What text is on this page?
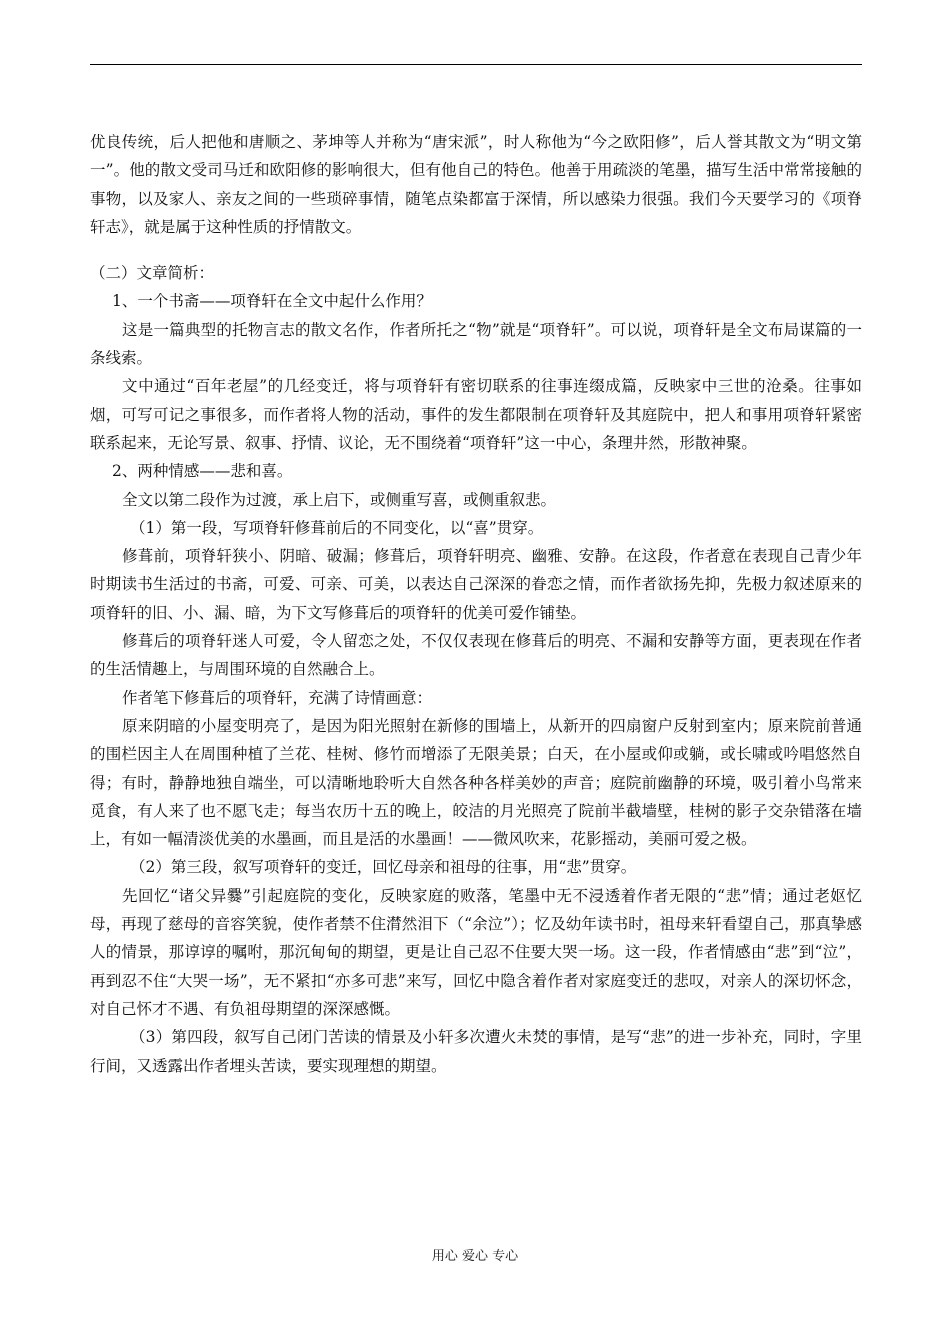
优良传统，后人把他和唐顺之、茅坤等人并称为“唐宋派”，时人称他为“今之欧阳修”，后人誉其散文为“明文第一”。他的散文受司马迁和欧阳修的影响很大，但有他自己的特色。他善于用疏淡的笔墨，描写生活中常常接触的事物，以及家人、亲友之间的一些琐碎事情，随笔点染都富于深情，所以感染力很强。我们今天要学习的《项脊轩志》，就是属于这种性质的抒情散文。

（二）文章简析：

1、一个书斋——项脊轩在全文中起什么作用？

这是一篇典型的托物言志的散文名作，作者所托之“物”就是“项脊轩”。可以说，项脊轩是全文布局谋篇的一条线索。

文中通过“百年老屋”的几经变迁，将与项脊轩有密切联系的往事连缀成篇，反映家中三世的沧桑。往事如烟，可写可记之事很多，而作者将人物的活动，事件的发生都限制在项脊轩及其庭院中，把人和事用项脊轩紧密联系起来，无论写景、叙事、抒情、议论，无不围绕着“项脊轩”这一中心，条理井然，形散神聚。

2、两种情感——悲和喜。

全文以第二段作为过渡，承上启下，或侧重写喜，或侧重叙悲。

（1）第一段，写项脊轩修葺前后的不同变化，以“喜”贯穿。

修葺前，项脊轩狭小、阴暗、破漏；修葺后，项脊轩明亮、幽雅、安静。在这段，作者意在表现自己青少年时期读书生活过的书斋，可爱、可亲、可美，以表达自己深深的眷恋之情，而作者欲扬先抑，先极力叙述原来的项脊轩的旧、小、漏、暗，为下文写修葺后的项脊轩的优美可爱作铺垫。

修葺后的项脊轩迷人可爱，令人留恋之处，不仅仅表现在修葺后的明亮、不漏和安静等方面，更表现在作者的生活情趣上，与周围环境的自然融合上。

作者笔下修葺后的项脊轩，充满了诗情画意：

原来阴暗的小屋变明亮了，是因为阳光照射在新修的围墙上，从新开的四扇窗户反射到室内；原来院前普通的围栏因主人在周围种植了兰花、桂树、修竹而增添了无限美景；白天，在小屋或仰或躺，或长啸或吟唱悠然自得；有时，静静地独自端坐，可以清晰地聆听大自然各种各样美妙的声音；庭院前幽静的环境，吸引着小鸟常来觅食，有人来了也不愿飞走；每当农历十五的晚上，皎洁的月光照亮了院前半截墙壁，桂树的影子交杂错落在墙上，有如一幅清淡优美的水墨画，而且是活的水墨画！——微风吹来，花影摇动，美丽可爱之极。

（2）第三段，叙写项脊轩的变迁，回忆母亲和祖母的往事，用“悲”贯穿。

先回忆“诸父异爨”引起庭院的变化，反映家庭的败落，笔墨中无不浸透着作者无限的“悲”情；通过老妪忆母，再现了慈母的音容笑貌，使作者禁不住潸然泪下（“余泣”）；忆及幼年读书时，祖母来轩看望自己，那真挚感人的情景，那谆谆的嘱咐，那沉甸甸的期望，更是让自己忍不住要大哭一场。这一段，作者情感由“悲”到“泣”，再到忍不住“大哭一场”，无不紧扣“亦多可悲”来写，回忆中隐含着作者对家庭变迁的悲叹，对亲人的深切怀念，对自己怀才不遇、有负祖母期望的深深感慨。

（3）第四段，叙写自己闭门苦读的情景及小轩多次遭火未焚的事情，是写“悲”的进一步补充，同时，字里行间，又透露出作者埋头苦读，要实现理想的期望。

用心 爱心 专心
